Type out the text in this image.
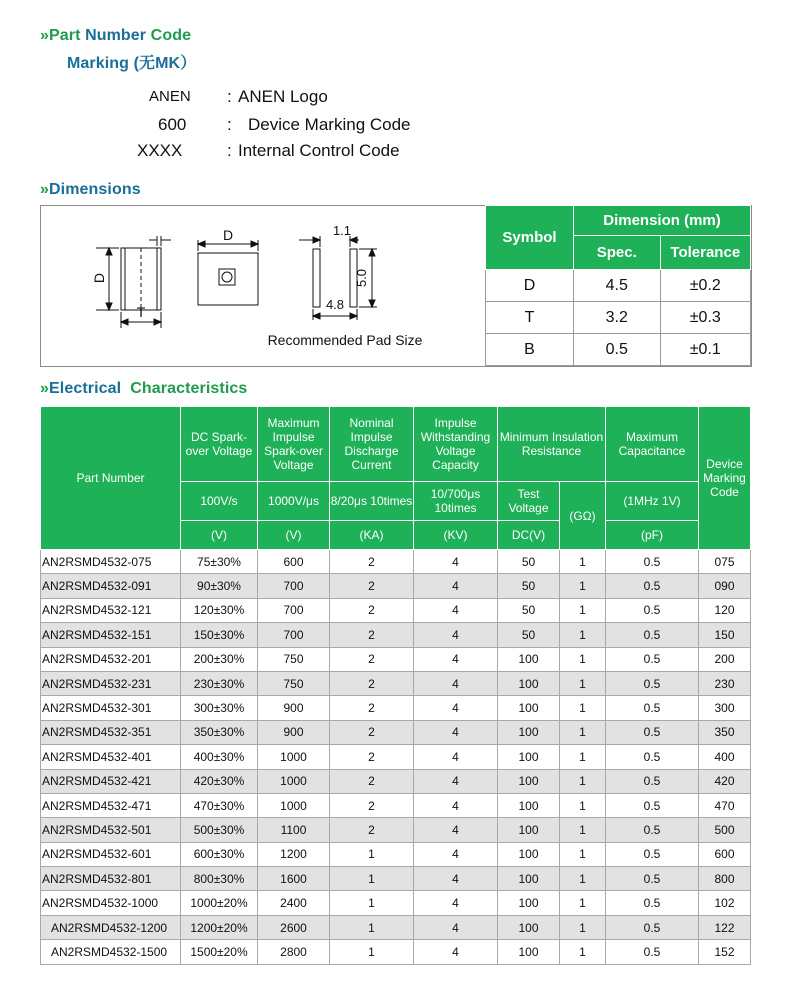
»Part Number Code
Marking (无MK）
ANEN : ANEN Logo
600 : Device Marking Code
XXXX	: Internal Control Code
»Dimensions
D
T
D	1.1
5.0
4.8
Recommended Pad Size
Symbol	Dimension (mm)	
	Spec.	Tolerance
D	4.5	±0.2
T	3.2	±0.3
B	0.5	±0.1
»Electrical Characteristics
Part Number	DC Spark-over Voltage	Maximum Impulse Spark-over Voltage	Nominal Impulse Discharge Current	Impulse Withstanding Voltage Capacity	Minimum Insulation Resistance		Maximum Capacitance	Device Marking Code
	100V/s	1000V/μs	8/20μs 10times	10/700μs 10times	Test Voltage	(GΩ)	(1MHz 1V)	
	(V)	(V)	(KA)	(KV)	DC(V)		(pF)	
AN2RSMD4532-075	75±30%	600	2	4	50	1	0.5	075
AN2RSMD4532-091	90±30%	700	2	4	50	1	0.5	090
AN2RSMD4532-121	120±30%	700	2	4	50	1	0.5	120
AN2RSMD4532-151	150±30%	700	2	4	50	1	0.5	150
AN2RSMD4532-201	200±30%	750	2	4	100	1	0.5	200
AN2RSMD4532-231	230±30%	750	2	4	100	1	0.5	230
AN2RSMD4532-301	300±30%	900	2	4	100	1	0.5	300
AN2RSMD4532-351	350±30%	900	2	4	100	1	0.5	350
AN2RSMD4532-401	400±30%	1000	2	4	100	1	0.5	400
AN2RSMD4532-421	420±30%	1000	2	4	100	1	0.5	420
AN2RSMD4532-471	470±30%	1000	2	4	100	1	0.5	470
AN2RSMD4532-501	500±30%	1100	2	4	100	1	0.5	500
AN2RSMD4532-601	600±30%	1200	1	4	100	1	0.5	600
AN2RSMD4532-801	800±30%	1600	1	4	100	1	0.5	800
AN2RSMD4532-1000	1000±20%	2400	1	4	100	1	0.5	102
AN2RSMD4532-1200	1200±20%	2600	1	4	100	1	0.5	122
AN2RSMD4532-1500	1500±20%	2800	1	4	100	1	0.5	152
